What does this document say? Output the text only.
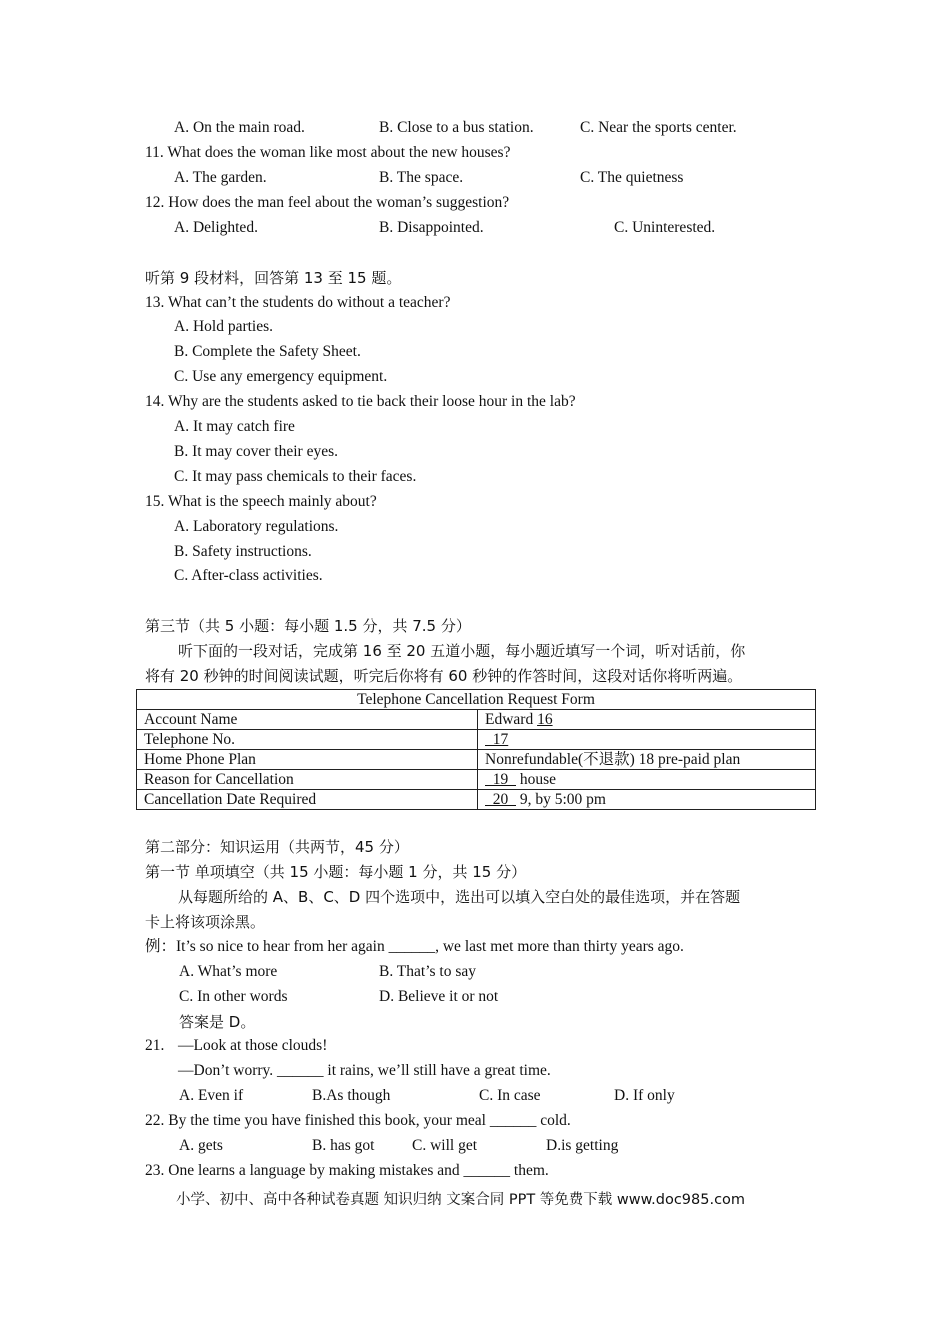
A. On the main road.	B. Close to a bus station.	C. Near the sports center.
11. What does the woman like most about the new houses?
A. The garden.	B. The space.	C. The quietness
12. How does the man feel about the woman’s suggestion?
A. Delighted.	B. Disappointed.	C. Uninterested.
听第 9 段材料，回答第 13 至 15 题。
13. What can’t the students do without a teacher?
A. Hold parties.
B. Complete the Safety Sheet.
C. Use any emergency equipment.
14. Why are the students asked to tie back their loose hour in the lab?
A. It may catch fire
B. It may cover their eyes.
C. It may pass chemicals to their faces.
15. What is the speech mainly about?
A. Laboratory regulations.
B. Safety instructions.
C. After-class activities.
第三节（共 5 小题：每小题 1.5 分，共 7.5 分）
听下面的一段对话，完成第 16 至 20 五道小题，每小题近填写一个词，听对话前，你
将有 20 秒钟的时间阅读试题，听完后你将有 60 秒钟的作答时间，这段对话你将听两遍。
Telephone Cancellation Request Form	
Account Name	Edward 16
Telephone No.	17
Home Phone Plan	Nonrefundable(不退款) 18 pre-paid plan
Reason for Cancellation	19   house
Cancellation Date Required	20   9, by 5:00 pm
第二部分：知识运用（共两节，45 分）
第一节 单项填空（共 15 小题：每小题 1 分，共 15 分）
从每题所给的 A、B、C、D 四个选项中，选出可以填入空白处的最佳选项，并在答题
卡上将该项涂黑。
例：It’s so nice to hear from her again ______, we last met more than thirty years ago.
A. What’s more	B. That’s to say
C. In other words	D. Believe it or not
答案是 D。
21. —Look at those clouds!
—Don’t worry. ______ it rains, we’ll still have a great time.
A. Even if	B.As though	C. In case	D. If only
22. By the time you have finished this book, your meal ______ cold.
A. gets	B. has got C. will get	D.is getting
23. One learns a language by making mistakes and ______ them.
小学、初中、高中各种试卷真题 知识归纳 文案合同 PPT 等免费下载 www.doc985.com
